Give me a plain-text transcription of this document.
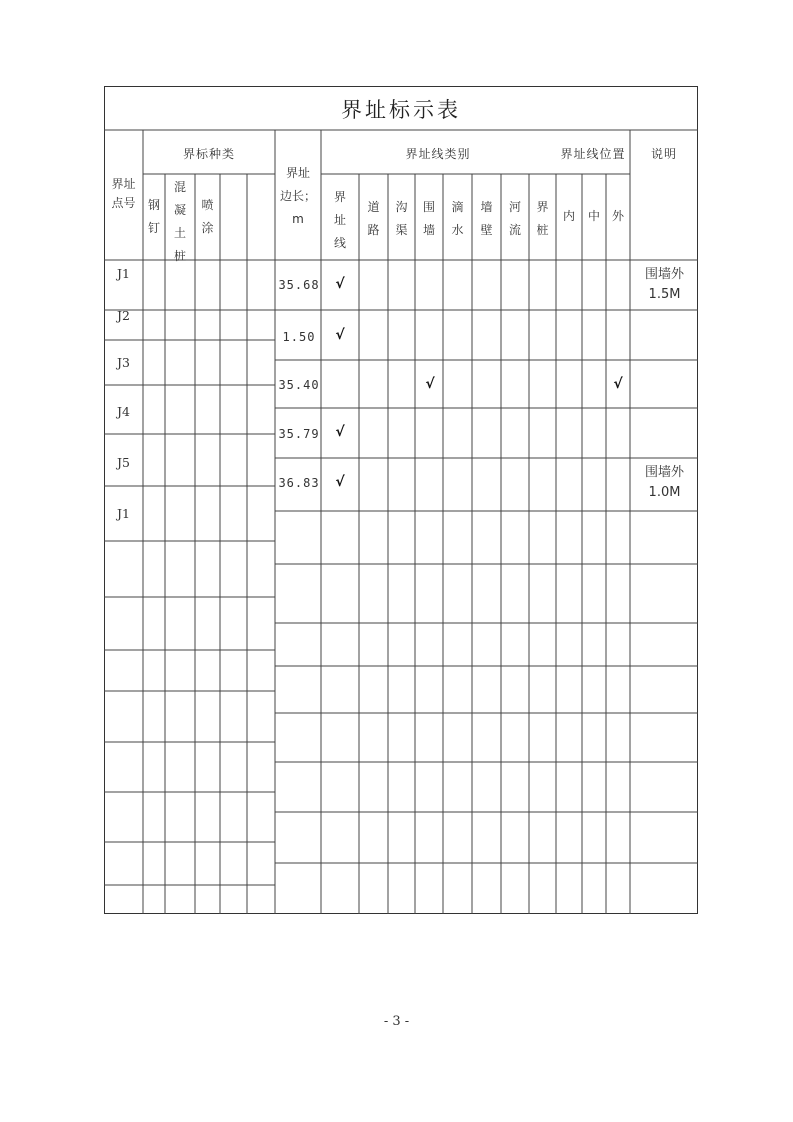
界址标示表
界址
点号
界标种类
钢
钉
混
凝
土
桩
喷
涂
界址
边长；
m
界址线类别
界
址
线
道
路
沟
渠
围
墙
滴
水
墙
壁
河
流
界
桩
界址线位置
内	中 外
说明
J1
J2
J3
J4
J5
J1
35.68
1.50
35.40
35.79
36.83
√
√
√	√
√
√
围墙外
1.5M
围墙外
1.0M
- 3 -
